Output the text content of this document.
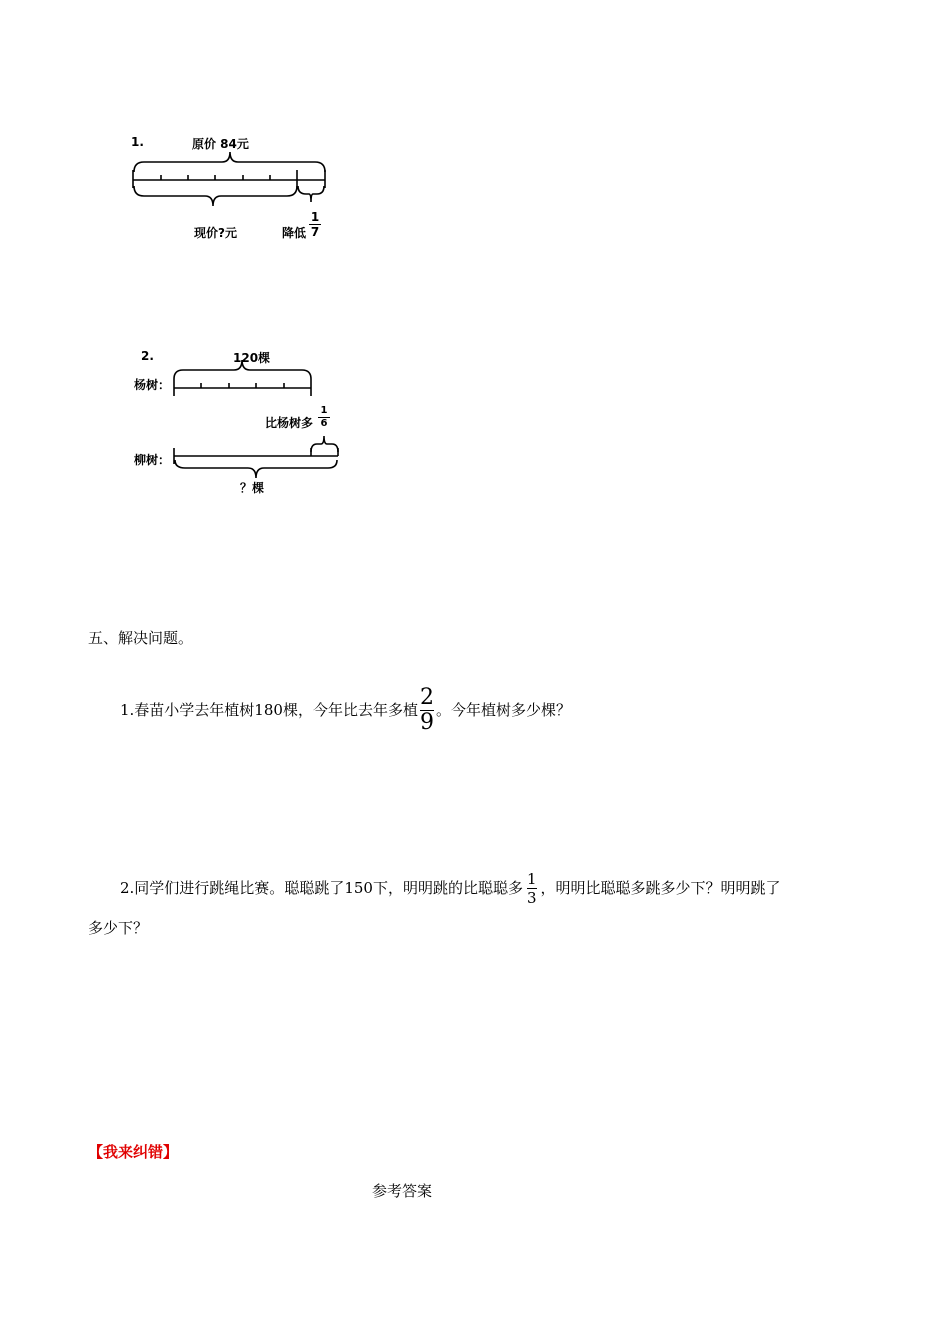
1.	原价 84元
现价?元	降低
1
7
2.	120棵
杨树：
比杨树多
1
6
柳树：
？棵
五、解决问题。
1.春苗小学去年植树180棵，今年比去年多植 $\frac{2}{9}$ 。今年植树多少棵？
2.同学们进行跳绳比赛。聪聪跳了150下，明明跳的比聪聪多 $\frac{1}{3}$ ，明明比聪聪多跳多少下？明明跳了
多少下？
【我来纠错】
参考答案
